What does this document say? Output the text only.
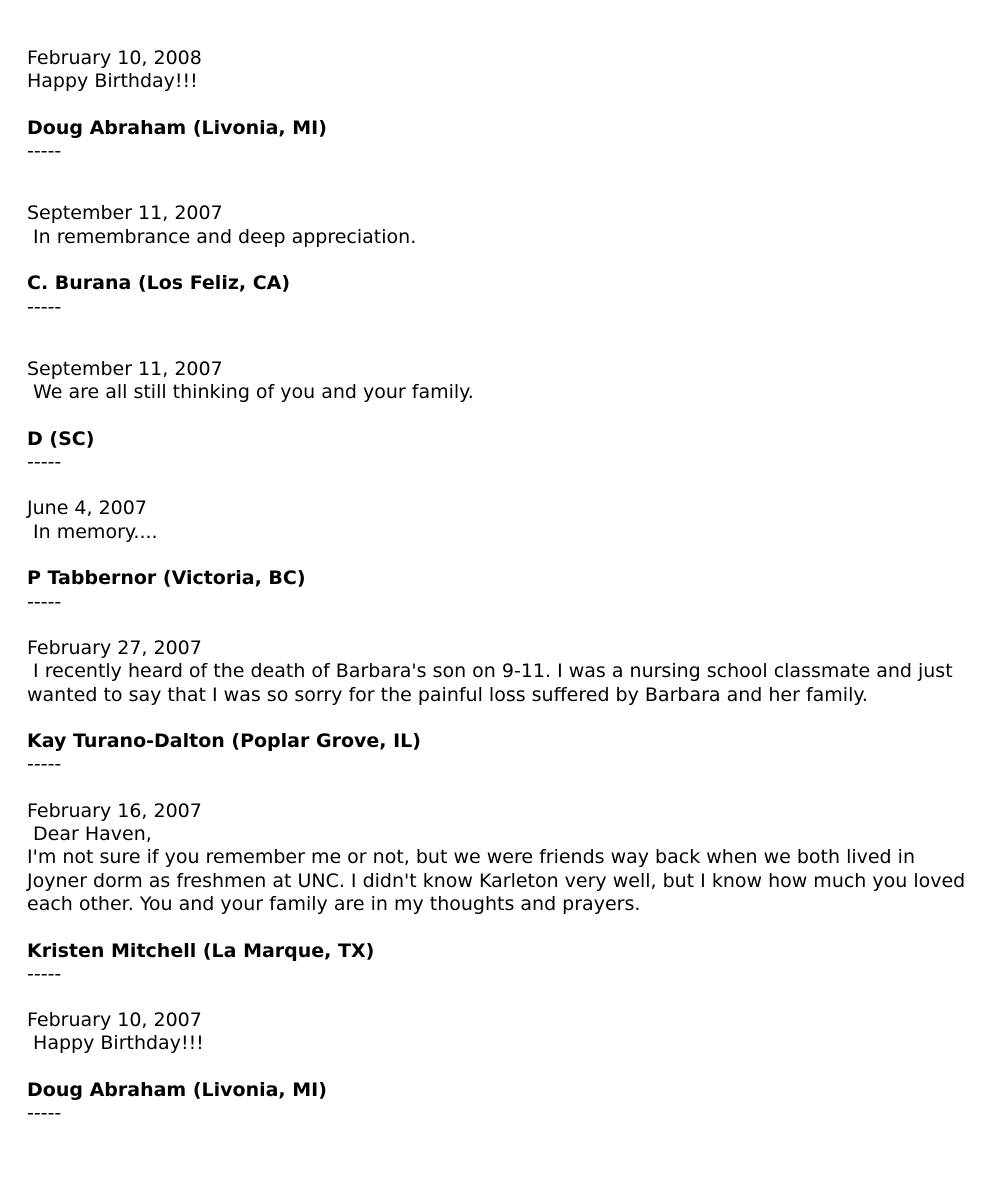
February 10, 2008
Happy Birthday!!!
Doug Abraham (Livonia, MI)
-----
September 11, 2007
In remembrance and deep appreciation.
C. Burana (Los Feliz, CA)
-----
September 11, 2007
We are all still thinking of you and your family.
D (SC)
-----
June 4, 2007
In memory....
P Tabbernor (Victoria, BC)
-----
February 27, 2007
I recently heard of the death of Barbara's son on 9-11. I was a nursing school classmate and just wanted to say that I was so sorry for the painful loss suffered by Barbara and her family.
Kay Turano-Dalton (Poplar Grove, IL)
-----
February 16, 2007
Dear Haven,
I'm not sure if you remember me or not, but we were friends way back when we both lived in Joyner dorm as freshmen at UNC. I didn't know Karleton very well, but I know how much you loved each other. You and your family are in my thoughts and prayers.
Kristen Mitchell (La Marque, TX)
-----
February 10, 2007
Happy Birthday!!!
Doug Abraham (Livonia, MI)
-----
